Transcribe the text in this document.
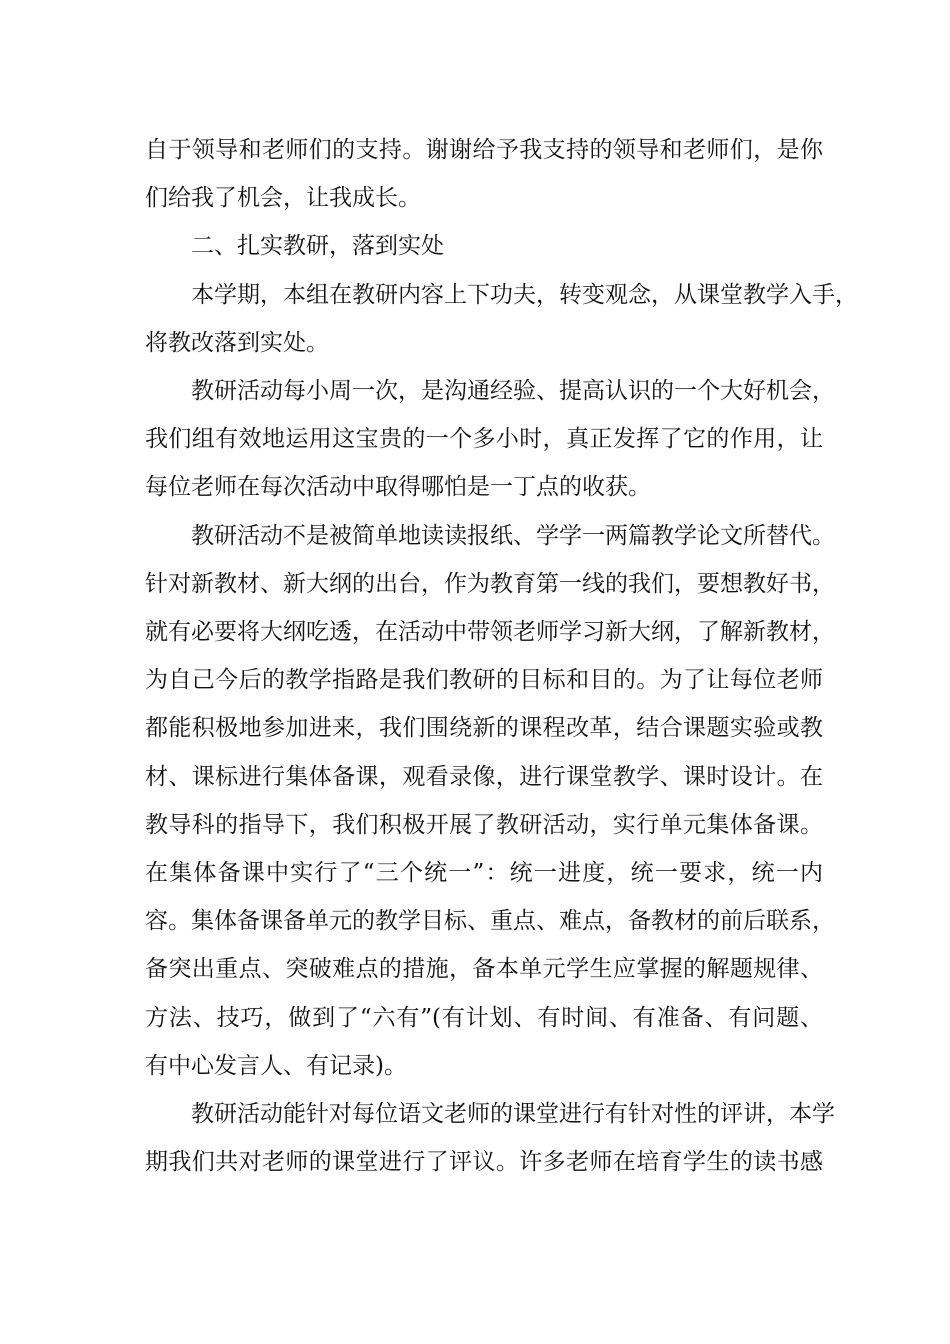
自于领导和老师们的支持。谢谢给予我支持的领导和老师们，是你
们给我了机会，让我成长。

二、扎实教研，落到实处

本学期，本组在教研内容上下功夫，转变观念，从课堂教学入手，
将教改落到实处。

教研活动每小周一次，是沟通经验、提高认识的一个大好机会，
我们组有效地运用这宝贵的一个多小时，真正发挥了它的作用，让
每位老师在每次活动中取得哪怕是一丁点的收获。

教研活动不是被简单地读读报纸、学学一两篇教学论文所替代。
针对新教材、新大纲的出台，作为教育第一线的我们，要想教好书，
就有必要将大纲吃透，在活动中带领老师学习新大纲，了解新教材，
为自己今后的教学指路是我们教研的目标和目的。为了让每位老师
都能积极地参加进来，我们围绕新的课程改革，结合课题实验或教
材、课标进行集体备课，观看录像，进行课堂教学、课时设计。在
教导科的指导下，我们积极开展了教研活动，实行单元集体备课。
在集体备课中实行了“三个统一”：统一进度，统一要求，统一内
容。集体备课备单元的教学目标、重点、难点，备教材的前后联系，
备突出重点、突破难点的措施，备本单元学生应掌握的解题规律、
方法、技巧，做到了“六有”(有计划、有时间、有准备、有问题、
有中心发言人、有记录)。

教研活动能针对每位语文老师的课堂进行有针对性的评讲，本学
期我们共对老师的课堂进行了评议。许多老师在培育学生的读书感
